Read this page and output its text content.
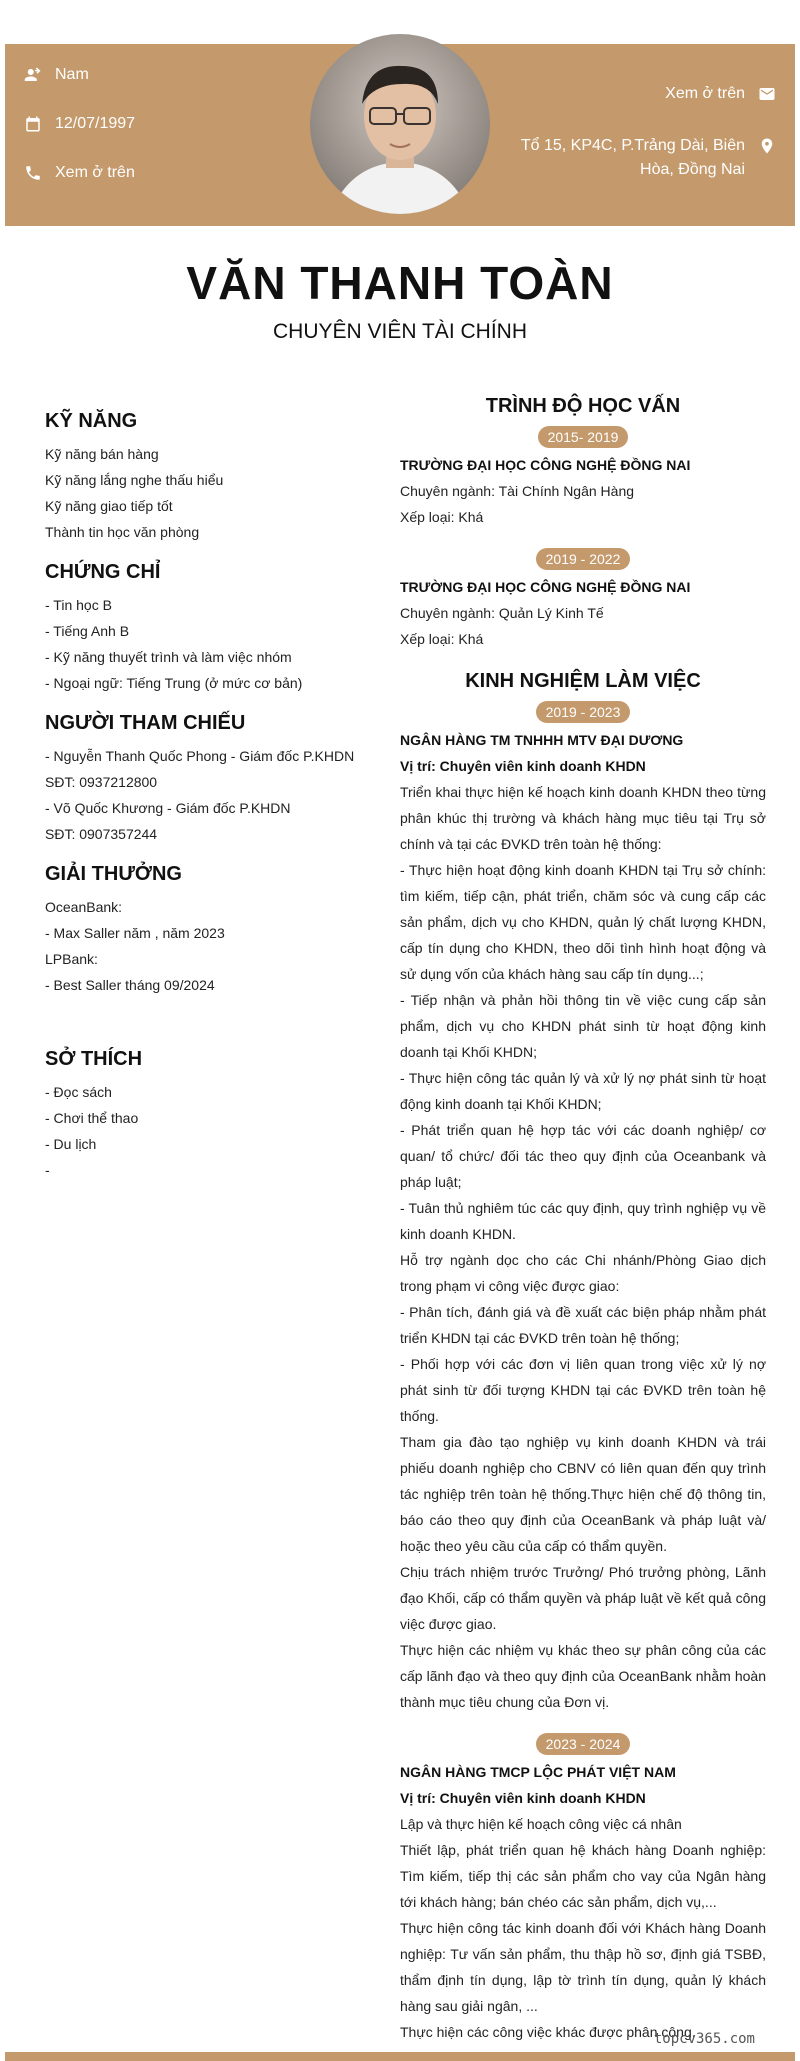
Nam
12/07/1997
Xem ở trên
Xem ở trên
Tổ 15, KP4C, P.Trảng Dài, Biên
Hòa, Đồng Nai
VĂN THANH TOÀN
CHUYÊN VIÊN TÀI CHÍNH
KỸ NĂNG
Kỹ năng bán hàng
Kỹ năng lắng nghe thấu hiểu
Kỹ năng giao tiếp tốt
Thành tin học văn phòng
CHỨNG CHỈ
- Tin học B
- Tiếng Anh B
- Kỹ năng thuyết trình và làm việc nhóm
- Ngoại ngữ: Tiếng Trung (ở mức cơ bản)
NGƯỜI THAM CHIẾU
- Nguyễn Thanh Quốc Phong - Giám đốc P.KHDN
SĐT: 0937212800
- Võ Quốc Khương - Giám đốc P.KHDN
SĐT: 0907357244
GIẢI THƯỞNG
OceanBank:
- Max Saller năm , năm 2023
LPBank:
- Best Saller tháng 09/2024
SỞ THÍCH
- Đọc sách
- Chơi thể thao
- Du lịch
-
TRÌNH ĐỘ HỌC VẤN
2015- 2019
TRƯỜNG ĐẠI HỌC CÔNG NGHỆ ĐỒNG NAI
Chuyên ngành: Tài Chính Ngân Hàng
Xếp loại: Khá
2019 - 2022
TRƯỜNG ĐẠI HỌC CÔNG NGHỆ ĐỒNG NAI
Chuyên ngành: Quản Lý Kinh Tế
Xếp loại: Khá
KINH NGHIỆM LÀM VIỆC
2019 - 2023
NGÂN HÀNG TM TNHHH MTV ĐẠI DƯƠNG
Vị trí: Chuyên viên kinh doanh KHDN
Triển khai thực hiện kế hoạch kinh doanh KHDN theo từng phân khúc thị trường và khách hàng mục tiêu tại Trụ sở chính và tại các ĐVKD trên toàn hệ thống:
- Thực hiện hoạt động kinh doanh KHDN tại Trụ sở chính: tìm kiếm, tiếp cận, phát triển, chăm sóc và cung cấp các sản phẩm, dịch vụ cho KHDN, quản lý chất lượng KHDN, cấp tín dụng cho KHDN, theo dõi tình hình hoạt động và sử dụng vốn của khách hàng sau cấp tín dụng...;
- Tiếp nhận và phản hồi thông tin về việc cung cấp sản phẩm, dịch vụ cho KHDN phát sinh từ hoạt động kinh doanh tại Khối KHDN;
- Thực hiện công tác quản lý và xử lý nợ phát sinh từ hoạt động kinh doanh tại Khối KHDN;
- Phát triển quan hệ hợp tác với các doanh nghiệp/ cơ quan/ tổ chức/ đối tác theo quy định của Oceanbank và pháp luật;
- Tuân thủ nghiêm túc các quy định, quy trình nghiệp vụ về kinh doanh KHDN.
Hỗ trợ ngành dọc cho các Chi nhánh/Phòng Giao dịch trong phạm vi công việc được giao:
- Phân tích, đánh giá và đề xuất các biện pháp nhằm phát triển KHDN tại các ĐVKD trên toàn hệ thống;
- Phối hợp với các đơn vị liên quan trong việc xử lý nợ phát sinh từ đối tượng KHDN tại các ĐVKD trên toàn hệ thống.
Tham gia đào tạo nghiệp vụ kinh doanh KHDN và trái phiếu doanh nghiệp cho CBNV có liên quan đến quy trình tác nghiệp trên toàn hệ thống.Thực hiện chế độ thông tin, báo cáo theo quy định của OceanBank và pháp luật và/ hoặc theo yêu cầu của cấp có thẩm quyền.
Chịu trách nhiệm trước Trưởng/ Phó trưởng phòng, Lãnh đạo Khối, cấp có thẩm quyền và pháp luật về kết quả công việc được giao.
Thực hiện các nhiệm vụ khác theo sự phân công của các cấp lãnh đạo và theo quy định của OceanBank nhằm hoàn thành mục tiêu chung của Đơn vị.
2023 - 2024
NGÂN HÀNG TMCP LỘC PHÁT VIỆT NAM
Vị trí: Chuyên viên kinh doanh KHDN
Lập và thực hiện kế hoạch công việc cá nhân
Thiết lập, phát triển quan hệ khách hàng Doanh nghiệp: Tìm kiếm, tiếp thị các sản phẩm cho vay của Ngân hàng tới khách hàng; bán chéo các sản phẩm, dịch vụ,...
Thực hiện công tác kinh doanh đối với Khách hàng Doanh nghiệp: Tư vấn sản phẩm, thu thập hồ sơ, định giá TSBĐ, thẩm định tín dụng, lập tờ trình tín dụng, quản lý khách hàng sau giải ngân, ...
Thực hiện các công việc khác được phân công.
topcv365.com
